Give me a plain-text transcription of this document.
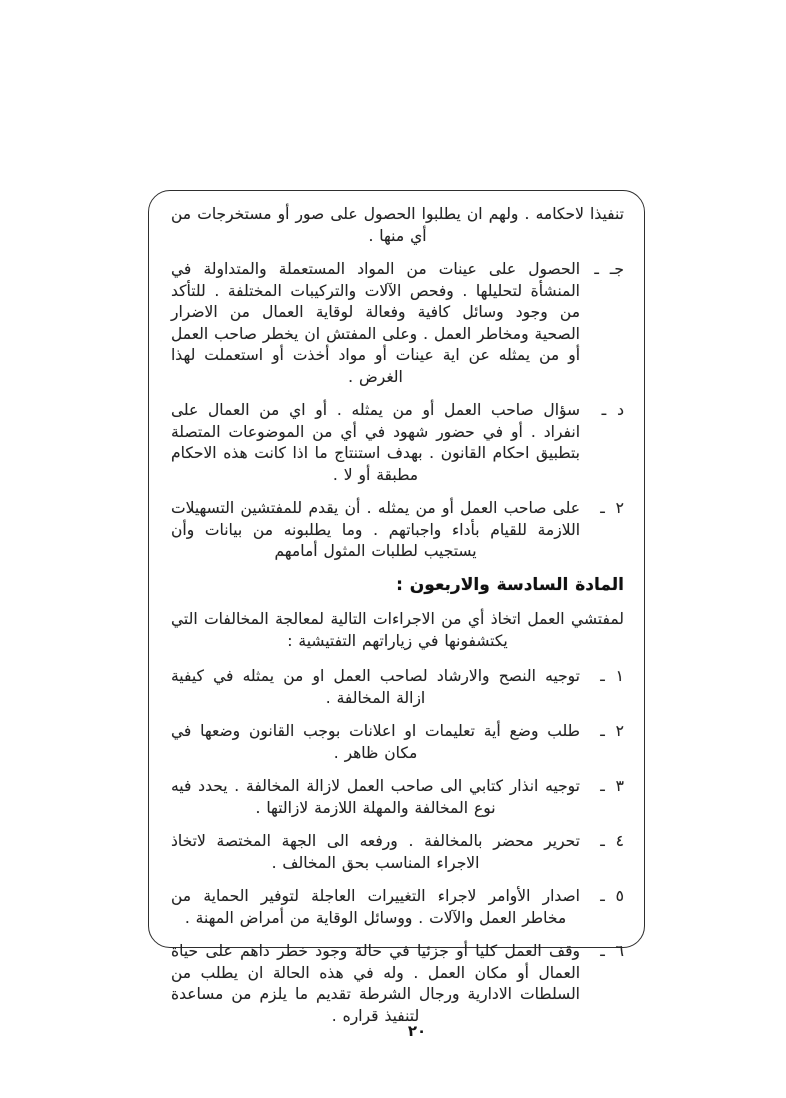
تنفيذا لاحكامه . ولهم ان يطلبوا الحصول على صور أو مستخرجات من أي منها .

جـ ـ
الحصول على عينات من المواد المستعملة والمتداولة في المنشأة لتحليلها . وفحص الآلات والتركيبات المختلفة . للتأكد من وجود وسائل كافية وفعالة لوقاية العمال من الاضرار الصحية ومخاطر العمل . وعلى المفتش ان يخطر صاحب العمل أو من يمثله عن اية عينات أو مواد أخذت أو استعملت لهذا الغرض .
د ـ
سؤال صاحب العمل أو من يمثله . أو اي من العمال على انفراد . أو في حضور شهود في أي من الموضوعات المتصلة بتطبيق احكام القانون . بهدف استنتاج ما اذا كانت هذه الاحكام مطبقة أو لا .
٢ ـ
على صاحب العمل أو من يمثله . أن يقدم للمفتشين التسهيلات اللازمة للقيام بأداء واجباتهم . وما يطلبونه من بيانات وأن يستجيب لطلبات المثول أمامهم
المادة السادسة والاربعون :

لمفتشي العمل اتخاذ أي من الاجراءات التالية لمعالجة المخالفات التي يكتشفونها في زياراتهم التفتيشية :

١ ـ
توجيه النصح والارشاد لصاحب العمل او من يمثله في كيفية ازالة المخالفة .
٢ ـ
طلب وضع أية تعليمات او اعلانات بوجب القانون وضعها في مكان ظاهر .
٣ ـ
توجيه انذار كتابي الى صاحب العمل لازالة المخالفة . يحدد فيه نوع المخالفة والمهلة اللازمة لازالتها .
٤ ـ
تحرير محضر بالمخالفة . ورفعه الى الجهة المختصة لاتخاذ الاجراء المناسب بحق المخالف .
٥ ـ
اصدار الأوامر لاجراء التغييرات العاجلة لتوفير الحماية من مخاطر العمل والآلات . ووسائل الوقاية من أمراض المهنة .
٦ ـ
وقف العمل كليا أو جزئيا في حالة وجود خطر داهم على حياة العمال أو مكان العمل . وله في هذه الحالة ان يطلب من السلطات الادارية ورجال الشرطة تقديم ما يلزم من مساعدة لتنفيذ قراره .
٢٠
